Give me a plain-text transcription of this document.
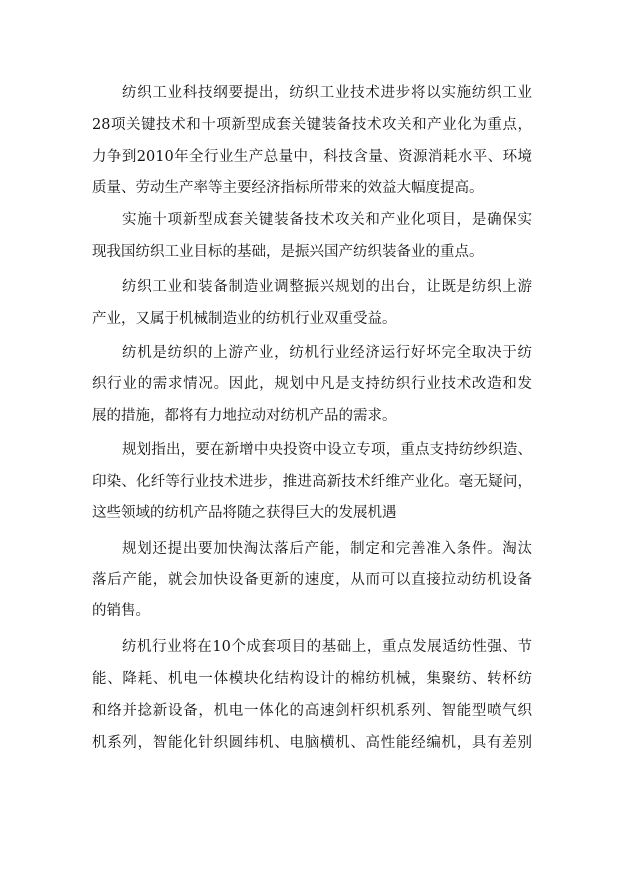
纺织工业科技纲要提出，纺织工业技术进步将以实施纺织工业
28项关键技术和十项新型成套关键装备技术攻关和产业化为重点，
力争到2010年全行业生产总量中，科技含量、资源消耗水平、环境
质量、劳动生产率等主要经济指标所带来的效益大幅度提高。
实施十项新型成套关键装备技术攻关和产业化项目，是确保实
现我国纺织工业目标的基础，是振兴国产纺织装备业的重点。
纺织工业和装备制造业调整振兴规划的出台，让既是纺织上游
产业，又属于机械制造业的纺机行业双重受益。
纺机是纺织的上游产业，纺机行业经济运行好坏完全取决于纺
织行业的需求情况。因此，规划中凡是支持纺织行业技术改造和发
展的措施，都将有力地拉动对纺机产品的需求。
规划指出，要在新增中央投资中设立专项，重点支持纺纱织造、
印染、化纤等行业技术进步，推进高新技术纤维产业化。毫无疑问，
这些领域的纺机产品将随之获得巨大的发展机遇
规划还提出要加快淘汰落后产能，制定和完善准入条件。淘汰
落后产能，就会加快设备更新的速度，从而可以直接拉动纺机设备
的销售。
纺机行业将在10个成套项目的基础上，重点发展适纺性强、节
能、降耗、机电一体模块化结构设计的棉纺机械，集聚纺、转杯纺
和络并捻新设备，机电一体化的高速剑杆织机系列、智能型喷气织
机系列，智能化针织圆纬机、电脑横机、高性能经编机，具有差别
